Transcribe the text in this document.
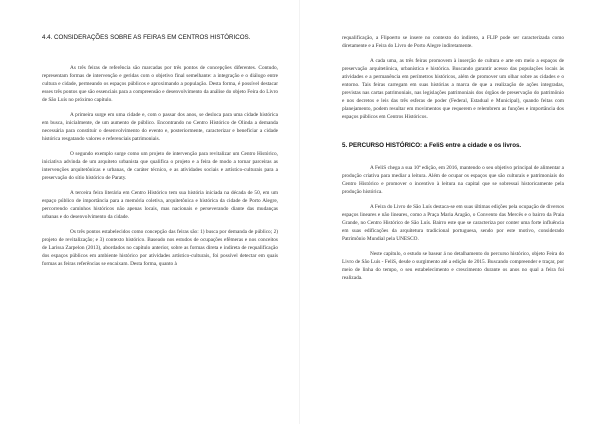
4.4. CONSIDERAÇÕES SOBRE AS FEIRAS EM CENTROS HISTÓRICOS.

As três feiras de referência são marcadas por três pontos de concepções diferentes. Contudo, representam formas de intervenção e geridas com o objetivo final semelhante: a integração e o diálogo entre cultura e cidade, permeando os espaços públicos e aproximando a população. Desta forma, é possível destacar esses três pontos que são essenciais para a compreensão e desenvolvimento da análise do objeto Feira do Livro de São Luís no próximo capítulo.

A primeira surge em uma cidade e, com o passar dos anos, se desloca para uma cidade histórica em busca, inicialmente, de um aumento de público. Encontrando no Centro Histórico de Olinda a demanda necessária para constituir o desenvolvimento do evento e, posteriormente, caracterizar e beneficiar a cidade histórica resgatando valores e referenciais patrimoniais.

O segundo exemplo surge como um projeto de intervenção para revitalizar um Centro Histórico, iniciativa advinda de um arquiteto urbanista que qualifica o projeto e a feira de modo a tornar parceiras as intervenções arquitetônicas e urbanas, de caráter técnico, e as atividades sociais e artístico-culturais para a preservação do sítio histórico de Paraty.

A terceira feira literária em Centro Histórico tem sua história iniciada na década de 50, em um espaço público de importância para a memória coletiva, arquitetônica e histórica da cidade de Porto Alegre, percorrendo caminhos históricos não apenas locais, mas nacionais e perseverando diante das mudanças urbanas e do desenvolvimento da cidade.

Os três pontos estabelecidos como concepção das feiras são: 1) busca por demanda de público; 2) projeto de revitalização; e 3) contexto histórico. Baseado nos estudos de ocupações efêmeras e nos conceitos de Larissa Zarpelon (2013), abordados no capítulo anterior, sobre as formas direta e indireta de requalificação dos espaços públicos em ambiente histórico por atividades artístico-culturais, foi possível detectar em quais formas as feiras referências se encaixam. Desta forma, quanto à

requalificação, a Flipoerto se insere no contexto do indireto, a FLIP pode ser caracterizada como diretamente e a Feira do Livro de Porto Alegre indiretamente.

A cada uma, as três feiras promovem à inserção de cultura e arte em meio a espaços de preservação arquitetônica, urbanística e histórica. Buscando garantir acesso das populações locais às atividades e a permanência em perímetros históricos, além de promover um olhar sobre as cidades e o entorno. Tais feiras carregam em suas histórias a marca de que a realização de ações integradas, previstas nas cartas patrimoniais, nas legislações patrimoniais dos órgãos de preservação do patrimônio e nos decretos e leis das três esferas de poder (Federal, Estadual e Municipal), quando feitas com planejamento, podem resultar em movimentos que requerem e relembrem as funções e importância dos espaços públicos em Centros Históricos.

5. PERCURSO HISTÓRICO: a FeliS entre a cidade e os livros.

A FeliS chega a sua 10ª edição, em 2016, mantendo o seu objetivo principal de alimentar a produção criativa para mediar a leitura. Além de ocupar os espaços que são culturais e patrimoniais do Centro Histórico e promover o incentivo à leitura na capital que se sobressai historicamente pela produção histórica.

A Feira do Livro de São Luís destaca-se em suas últimas edições pela ocupação de diversos espaços lineares e não lineares, como a Praça Maria Aragão, o Convento das Mercês e o bairro da Praia Grande, no Centro Histórico de São Luís. Bairro este que se caracteriza por conter uma forte influência em suas edificações da arquitetura tradicional portuguesa, sendo por este motivo, considerado Patrimônio Mundial pela UNESCO.

Neste capítulo, o estudo se basear á no detalhamento do percurso histórico, objeto Feira do Livro de São Luís - FeliS, desde o surgimento até a edição de 2015. Buscando compreender e traçar, por meio de linha do tempo, o seu estabelecimento e crescimento durante os anos no qual a feira foi realizada.
